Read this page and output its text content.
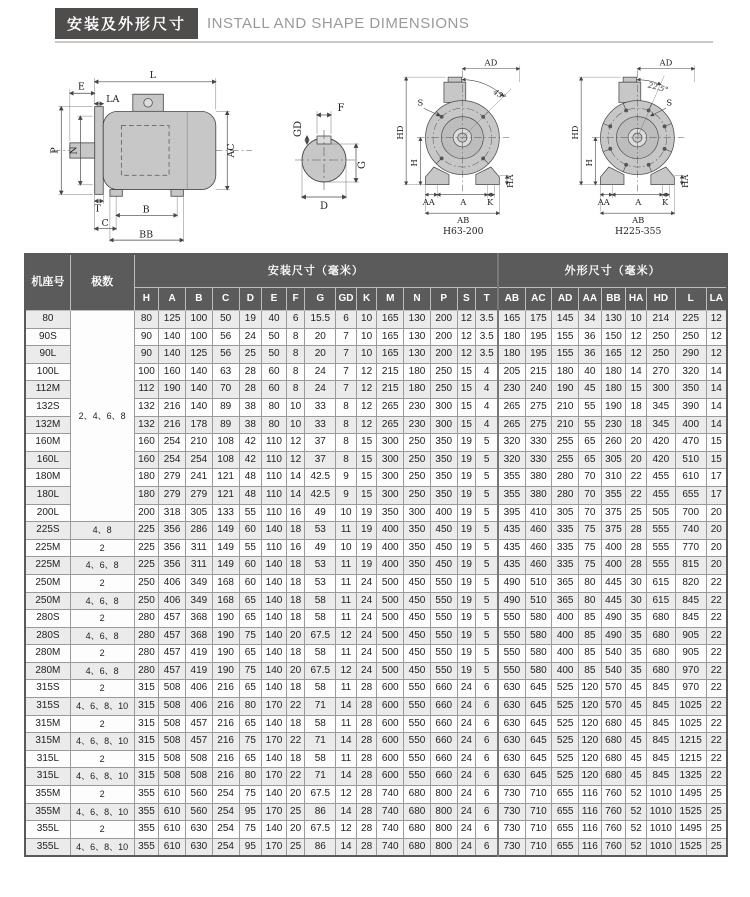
安装及外形尺寸	INSTALL AND SHAPE DIMENSIONS
L
E
LA
P N	AC
T	B
C
BB
F
GD
G
D
45°
AD
S
HD
H
HA
AA	A K
AB
H63-200
22.5°
AD
S
HD
H
HA
AA	A K
AB
H225-355
机座号	极数	安装尺寸（毫米）															外形尺寸（毫米）								
		H	A	B	C	D	E	F	G	GD	K	M	N	P	S	T	AB	AC	AD	AA	BB	HA	HD	L	LA
80	2、4、6、8	80	125	100	50	19	40	6	15.5	6	10	165	130	200	12	3.5	165	175	145	34	130	10	214	225	12
90S		90	140	100	56	24	50	8	20	7	10	165	130	200	12	3.5	180	195	155	36	150	12	250	250	12
90L		90	140	125	56	25	50	8	20	7	10	165	130	200	12	3.5	180	195	155	36	165	12	250	290	12
100L		100	160	140	63	28	60	8	24	7	12	215	180	250	15	4	205	215	180	40	180	14	270	320	14
112M		112	190	140	70	28	60	8	24	7	12	215	180	250	15	4	230	240	190	45	180	15	300	350	14
132S		132	216	140	89	38	80	10	33	8	12	265	230	300	15	4	265	275	210	55	190	18	345	390	14
132M		132	216	178	89	38	80	10	33	8	12	265	230	300	15	4	265	275	210	55	230	18	345	400	14
160M		160	254	210	108	42	110	12	37	8	15	300	250	350	19	5	320	330	255	65	260	20	420	470	15
160L		160	254	254	108	42	110	12	37	8	15	300	250	350	19	5	320	330	255	65	305	20	420	510	15
180M		180	279	241	121	48	110	14	42.5	9	15	300	250	350	19	5	355	380	280	70	310	22	455	610	17
180L		180	279	279	121	48	110	14	42.5	9	15	300	250	350	19	5	355	380	280	70	355	22	455	655	17
200L		200	318	305	133	55	110	16	49	10	19	350	300	400	19	5	395	410	305	70	375	25	505	700	20
225S	4、8	225	356	286	149	60	140	18	53	11	19	400	350	450	19	5	435	460	335	75	375	28	555	740	20
225M	2	225	356	311	149	55	110	16	49	10	19	400	350	450	19	5	435	460	335	75	400	28	555	770	20
225M	4、6、8	225	356	311	149	60	140	18	53	11	19	400	350	450	19	5	435	460	335	75	400	28	555	815	20
250M	2	250	406	349	168	60	140	18	53	11	24	500	450	550	19	5	490	510	365	80	445	30	615	820	22
250M	4、6、8	250	406	349	168	65	140	18	58	11	24	500	450	550	19	5	490	510	365	80	445	30	615	845	22
280S	2	280	457	368	190	65	140	18	58	11	24	500	450	550	19	5	550	580	400	85	490	35	680	845	22
280S	4、6、8	280	457	368	190	75	140	20	67.5	12	24	500	450	550	19	5	550	580	400	85	490	35	680	905	22
280M	2	280	457	419	190	65	140	18	58	11	24	500	450	550	19	5	550	580	400	85	540	35	680	905	22
280M	4、6、8	280	457	419	190	75	140	20	67.5	12	24	500	450	550	19	5	550	580	400	85	540	35	680	970	22
315S	2	315	508	406	216	65	140	18	58	11	28	600	550	660	24	6	630	645	525	120	570	45	845	970	22
315S	4、6、8、10	315	508	406	216	80	170	22	71	14	28	600	550	660	24	6	630	645	525	120	570	45	845	1025	22
315M	2	315	508	457	216	65	140	18	58	11	28	600	550	660	24	6	630	645	525	120	680	45	845	1025	22
315M	4、6、8、10	315	508	457	216	75	170	22	71	14	28	600	550	660	24	6	630	645	525	120	680	45	845	1215	22
315L	2	315	508	508	216	65	140	18	58	11	28	600	550	660	24	6	630	645	525	120	680	45	845	1215	22
315L	4、6、8、10	315	508	508	216	80	170	22	71	14	28	600	550	660	24	6	630	645	525	120	680	45	845	1325	22
355M	2	355	610	560	254	75	140	20	67.5	12	28	740	680	800	24	6	730	710	655	116	760	52	1010	1495	25
355M	4、6、8、10	355	610	560	254	95	170	25	86	14	28	740	680	800	24	6	730	710	655	116	760	52	1010	1525	25
355L	2	355	610	630	254	75	140	20	67.5	12	28	740	680	800	24	6	730	710	655	116	760	52	1010	1495	25
355L	4、6、8、10	355	610	630	254	95	170	25	86	14	28	740	680	800	24	6	730	710	655	116	760	52	1010	1525	25
